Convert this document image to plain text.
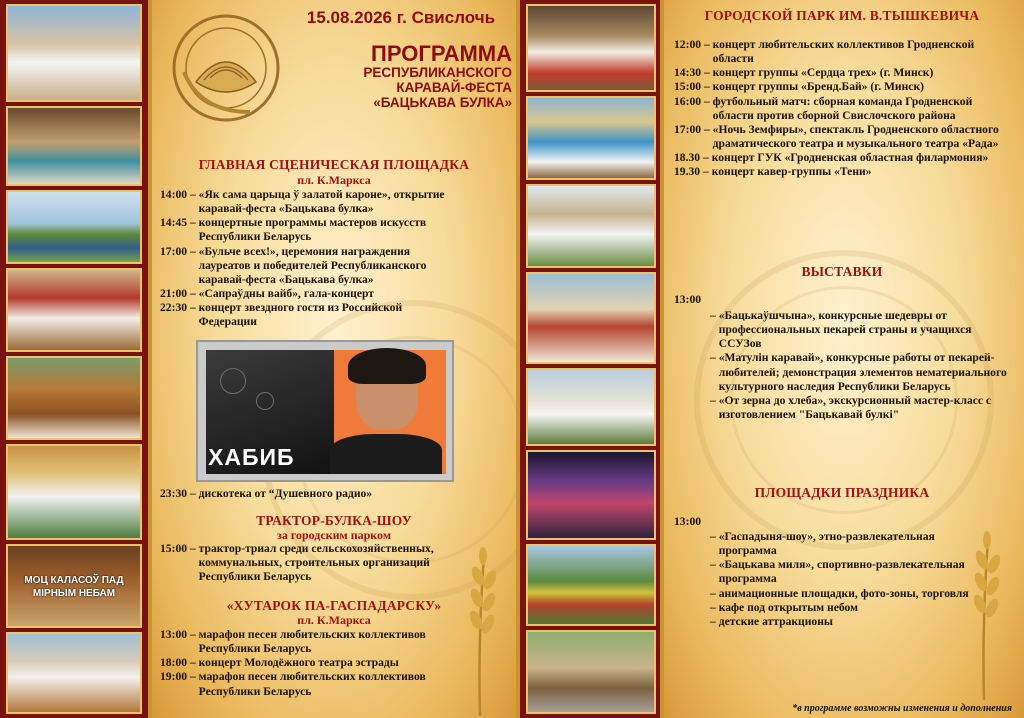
МОЦ КАЛАСОЎ ПАД МІРНЫМ НЕБАМ
15.08.2026 г. Свислочь
ПРОГРАММА
РЕСПУБЛИКАНСКОГО
КАРАВАЙ-ФЕСТА
«БАЦЬКАВА БУЛКА»
ГЛАВНАЯ СЦЕНИЧЕСКАЯ ПЛОЩАДКА
пл. К.Маркса
14:00 – «Як сама царыца ў залатой кароне», открытие каравай-феста «Бацькава булка»
14:45 – концертные программы мастеров искусств Республики Беларусь
17:00 – «Бульче всех!», церемония награждения лауреатов и победителей Республиканского каравай-феста «Бацькава булка»
21:00 – «Сапраўдны вайб», гала-концерт
22:30 – концерт звездного гостя из Российской Федерации
ХАБИБ
23:30 – дискотека от “Душевного радио»
ТРАКТОР-БУЛКА-ШОУ
за городским парком
15:00 – трактор-триал среди сельскохозяйственных, коммунальных, строительных организаций Республики Беларусь
«ХУТАРОК ПА-ГАСПАДАРСКУ»
пл. К.Маркса
13:00 – марафон песен любительских коллективов Республики Беларусь
18:00 – концерт Молодёжного театра эстрады
19:00 – марафон песен любительских коллективов Республики Беларусь
ГОРОДСКОЙ ПАРК ИМ. В.ТЫШКЕВИЧА
12:00 – концерт любительских коллективов Гродненской области
14:30 – концерт группы «Сердца трех» (г. Минск)
15:00 – концерт группы «Бренд.Бай» (г. Минск)
16:00 – футбольный матч: сборная команда Гродненской области против сборной Свислочского района
17:00 – «Ночь Земфиры», спектакль Гродненского областного драматического театра и музыкального театра «Рада»
18.30 – концерт ГУК «Гродненская областная филармония»
19.30 – концерт кавер-группы «Тени»
ВЫСТАВКИ
13:00
– «Бацькаўшчына», конкурсные шедевры от профессиональных пекарей страны и учащихся ССУЗов
– «Матулін каравай», конкурсные работы от пекарей-любителей; демонстрация элементов нематериального культурного наследия Республики Беларусь
– «От зерна до хлеба», экскурсионный мастер-класс с изготовлением "Бацькавай булкі"
ПЛОЩАДКИ ПРАЗДНИКА
13:00
– «Гаспадыня-шоу», этно-развлекательная программа
– «Бацькава миля», спортивно-развлекательная программа
– анимационные площадки, фото-зоны, торговля
– кафе под открытым небом
– детские аттракционы
*в программе возможны изменения и дополнения
